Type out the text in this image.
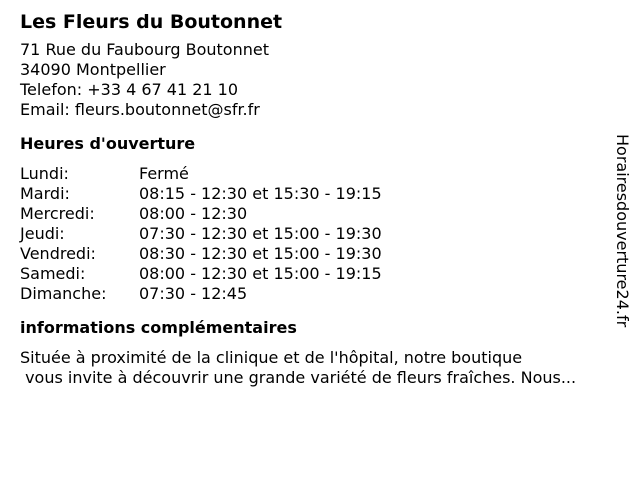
Les Fleurs du Boutonnet
71 Rue du Faubourg Boutonnet
34090 Montpellier
Telefon: +33 4 67 41 21 10
Email: fleurs.boutonnet@sfr.fr
Heures d'ouverture
Lundi:	Fermé
Mardi:	08:15 - 12:30 et 15:30 - 19:15
Mercredi:	08:00 - 12:30
Jeudi:	07:30 - 12:30 et 15:00 - 19:30
Vendredi:	08:30 - 12:30 et 15:00 - 19:30
Samedi:	08:00 - 12:30 et 15:00 - 19:15
Dimanche:	07:30 - 12:45
informations complémentaires
Située à proximité de la clinique et de l'hôpital, notre boutique
vous invite à découvrir une grande variété de fleurs fraîches. Nous...
Horairesdouverture24.fr
